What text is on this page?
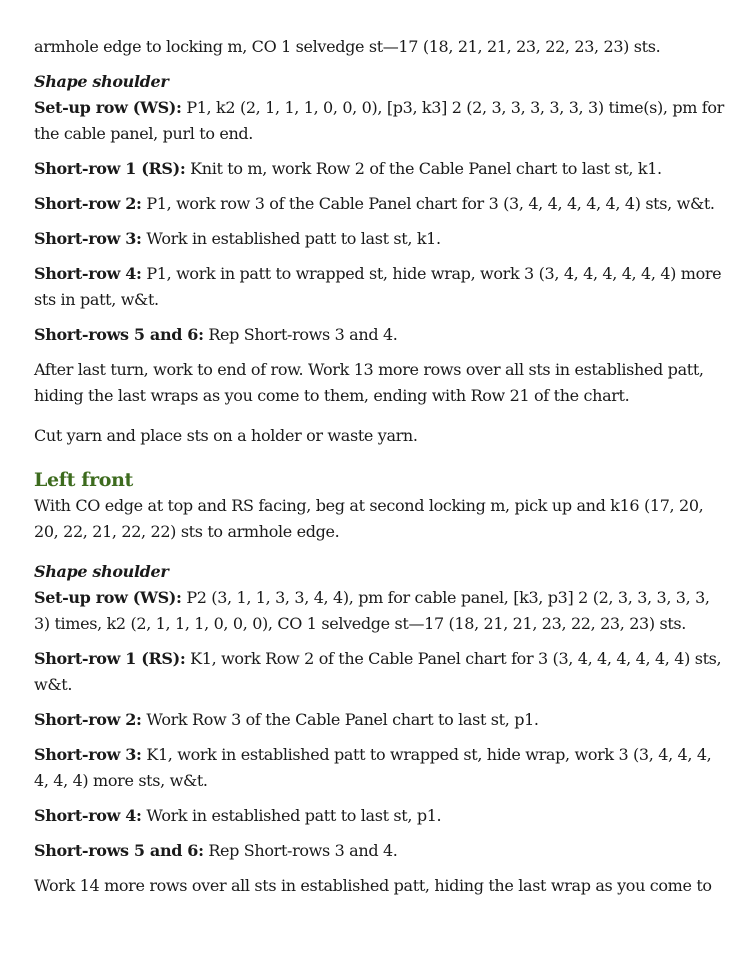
armhole edge to locking m, CO 1 selvedge st—17 (18, 21, 21, 23, 22, 23, 23) sts.

Shape shoulder

Set-up row (WS): P1, k2 (2, 1, 1, 1, 0, 0, 0), [p3, k3] 2 (2, 3, 3, 3, 3, 3, 3) time(s), pm for the cable panel, purl to end.

Short-row 1 (RS): Knit to m, work Row 2 of the Cable Panel chart to last st, k1.

Short-row 2: P1, work row 3 of the Cable Panel chart for 3 (3, 4, 4, 4, 4, 4, 4) sts, w&t.

Short-row 3: Work in established patt to last st, k1.

Short-row 4: P1, work in patt to wrapped st, hide wrap, work 3 (3, 4, 4, 4, 4, 4, 4) more sts in patt, w&t.

Short-rows 5 and 6: Rep Short-rows 3 and 4.

After last turn, work to end of row. Work 13 more rows over all sts in established patt, hiding the last wraps as you come to them, ending with Row 21 of the chart.

Cut yarn and place sts on a holder or waste yarn.

Left front

With CO edge at top and RS facing, beg at second locking m, pick up and k16 (17, 20, 20, 22, 21, 22, 22) sts to armhole edge.

Shape shoulder

Set-up row (WS): P2 (3, 1, 1, 3, 3, 4, 4), pm for cable panel, [k3, p3] 2 (2, 3, 3, 3, 3, 3, 3) times, k2 (2, 1, 1, 1, 0, 0, 0), CO 1 selvedge st—17 (18, 21, 21, 23, 22, 23, 23) sts.

Short-row 1 (RS): K1, work Row 2 of the Cable Panel chart for 3 (3, 4, 4, 4, 4, 4, 4) sts, w&t.

Short-row 2: Work Row 3 of the Cable Panel chart to last st, p1.

Short-row 3: K1, work in established patt to wrapped st, hide wrap, work 3 (3, 4, 4, 4, 4, 4, 4) more sts, w&t.

Short-row 4: Work in established patt to last st, p1.

Short-rows 5 and 6: Rep Short-rows 3 and 4.

Work 14 more rows over all sts in established patt, hiding the last wrap as you come to
